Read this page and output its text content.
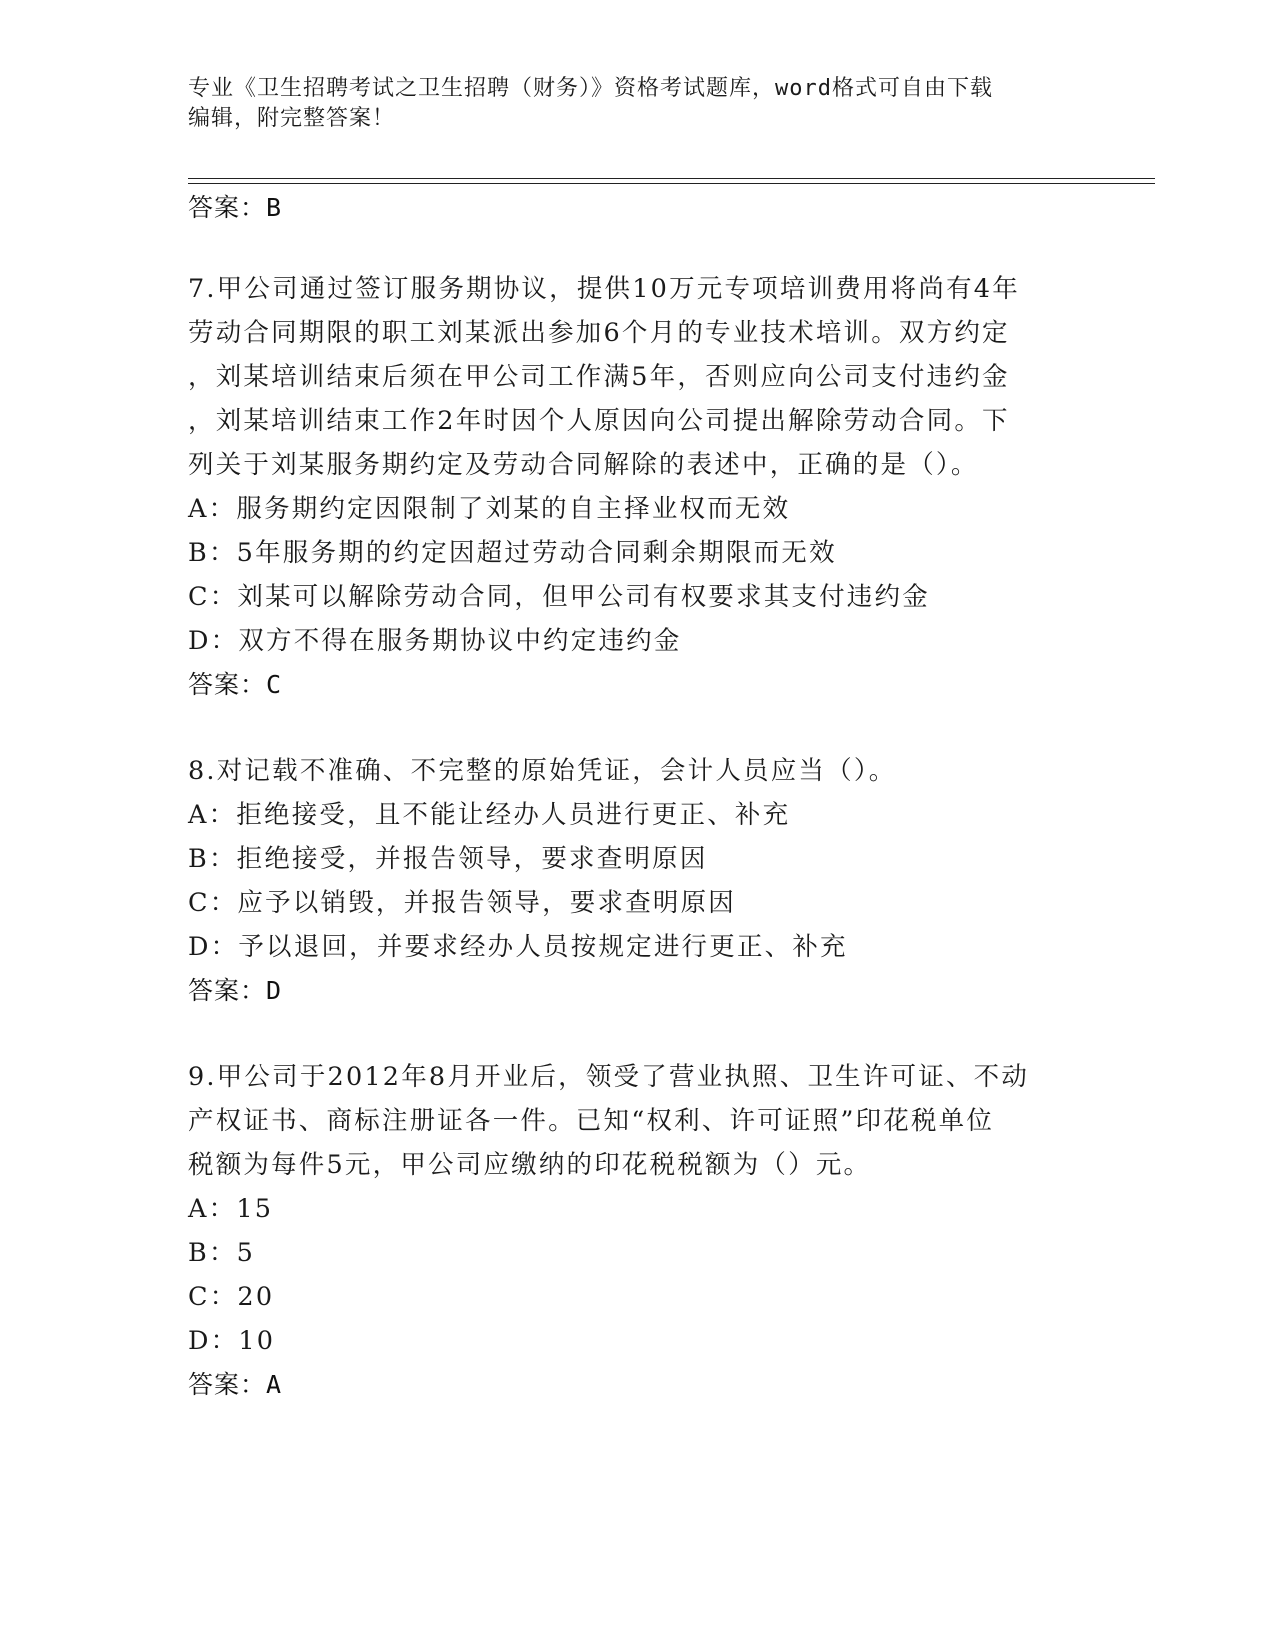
专业《卫生招聘考试之卫生招聘（财务）》资格考试题库，word格式可自由下载
编辑，附完整答案！
答案：B
7.甲公司通过签订服务期协议，提供10万元专项培训费用将尚有4年
劳动合同期限的职工刘某派出参加6个月的专业技术培训。双方约定
，刘某培训结束后须在甲公司工作满5年，否则应向公司支付违约金
，刘某培训结束工作2年时因个人原因向公司提出解除劳动合同。下
列关于刘某服务期约定及劳动合同解除的表述中，正确的是（）。
A：服务期约定因限制了刘某的自主择业权而无效
B：5年服务期的约定因超过劳动合同剩余期限而无效
C：刘某可以解除劳动合同，但甲公司有权要求其支付违约金
D：双方不得在服务期协议中约定违约金
答案：C
8.对记载不准确、不完整的原始凭证，会计人员应当（）。
A：拒绝接受，且不能让经办人员进行更正、补充
B：拒绝接受，并报告领导，要求查明原因
C：应予以销毁，并报告领导，要求查明原因
D：予以退回，并要求经办人员按规定进行更正、补充
答案：D
9.甲公司于2012年8月开业后，领受了营业执照、卫生许可证、不动
产权证书、商标注册证各一件。已知“权利、许可证照”印花税单位
税额为每件5元，甲公司应缴纳的印花税税额为（）元。
A：15
B：5
C：20
D：10
答案：A
